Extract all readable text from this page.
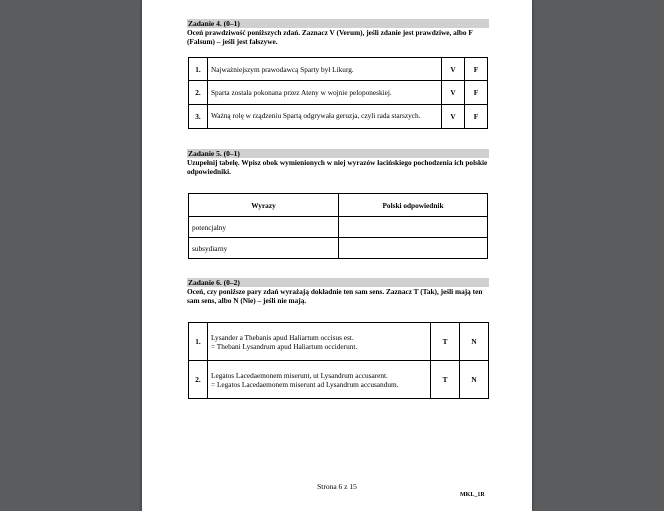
Zadanie 4. (0–1)
Oceń prawdziwość poniższych zdań. Zaznacz V (Verum), jeśli zdanie jest prawdziwe, albo F (Falsum) – jeśli jest fałszywe.
1.	Najważniejszym prawodawcą Sparty był Likurg.	V	F
2.	Sparta została pokonana przez Ateny w wojnie peloponeskiej.	V	F
3.	Ważną rolę w rządzeniu Spartą odgrywała geruzja, czyli rada starszych.	V	F
Zadanie 5. (0–1)
Uzupełnij tabelę. Wpisz obok wymienionych w niej wyrazów łacińskiego pochodzenia ich polskie odpowiedniki.
Wyrazy	Polski odpowiednik
potencjalny	
subsydiarny	
Zadanie 6. (0–2)
Oceń, czy poniższe pary zdań wyrażają dokładnie ten sam sens. Zaznacz T (Tak), jeśli mają ten sam sens, albo N (Nie) – jeśli nie mają.
1.	Lysander a Thebanis apud Haliartum occisus est.
= Thebani Lysandrum apud Haliartum occiderunt.	T	N
2.	Legatos Lacedaemonem miserunt, ut Lysandrum accusarent.
= Legatos Lacedaemonem miserunt ad Lysandrum accusandum.	T	N
Strona 6 z 15
MKL_1R
